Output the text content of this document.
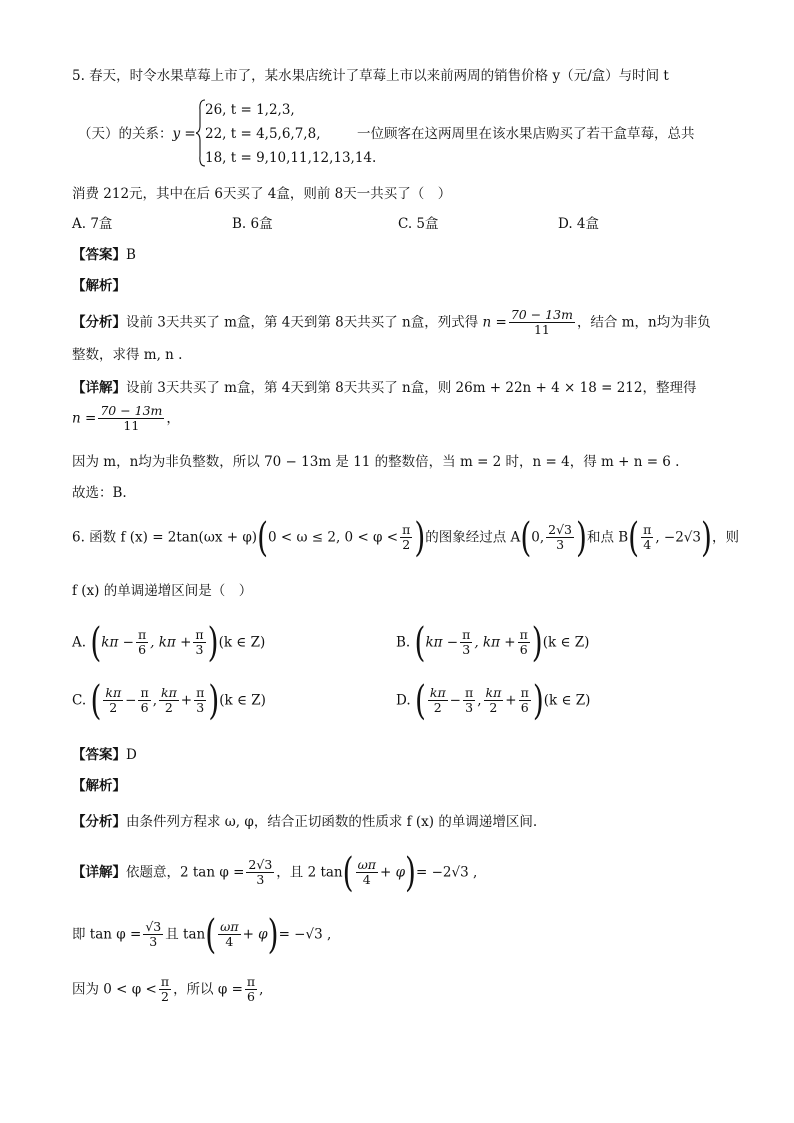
5. 春天，时令水果草莓上市了，某水果店统计了草莓上市以来前两周的销售价格 y（元/盒）与时间 t
（天）的关系：y =
26, t = 1,2,3,
22, t = 4,5,6,7,8,
18, t = 9,10,11,12,13,14.
一位顾客在这两周里在该水果店购买了若干盒草莓，总共
消费 212元，其中在后 6天买了 4盒，则前 8天一共买了（　）
A. 7盒	B. 6盒	C. 5盒	D. 4盒
【答案】B
【解析】
【分析】设前 3天共买了 m盒，第 4天到第 8天共买了 n盒，列式得 $n = \frac{70 - 13m}{11}$ ，结合 m，n均为非负
整数，求得 m, n .
【详解】设前 3天共买了 m盒，第 4天到第 8天共买了 n盒，则 26m + 22n + 4 × 18 = 212，整理得
$n = \frac{70 - 13m}{11}$ ，
因为 m，n均为非负整数，所以 70 − 13m 是 11 的整数倍，当 m = 2 时，n = 4，得 m + n = 6 .
故选：B.
6. 函数 f (x) = 2tan(ωx + φ)(0 < ω ≤ 2, $0 < \varphi < \frac{\pi}{2}$ )的图象经过点 A(0, $\frac{2√3}{3}$ )和点 $B( \frac{\pi}{4}$ , −2√3)，则
f (x) 的单调递增区间是（　）
A. ($k\pi - \frac{\pi}{6}$ , $k\pi + \frac{\pi}{3} )(k$ ∈ Z)	B. ($k\pi - \frac{\pi}{3}$ , $k\pi + \frac{\pi}{6} )(k$ ∈ Z)
C. ( $\frac{k\pi}{2} - \frac{\pi}{6}$ , $\frac{k\pi}{2} + \frac{\pi}{3} )(k$ ∈ Z)	D. ( $\frac{k\pi}{2} - \frac{\pi}{3}$ , $\frac{k\pi}{2} + \frac{\pi}{6} )(k$ ∈ Z)
【答案】D
【解析】
【分析】由条件列方程求 ω, φ，结合正切函数的性质求 f (x) 的单调递增区间.
【详解】依题意，2 $\tan \varphi = \frac{2√3}{3}$ ，且 2 $\tan( \frac{\omega\pi}{4} + \varphi)= -2√3$ ,
即 $\tan \varphi = \frac{√3}{3}$ 且 $\tan( \frac{\omega\pi}{4} + \varphi)= -√3$ ,
因为 $0 < \varphi < \frac{\pi}{2}$ ，所以 $\varphi = \frac{\pi}{6}$ ,
